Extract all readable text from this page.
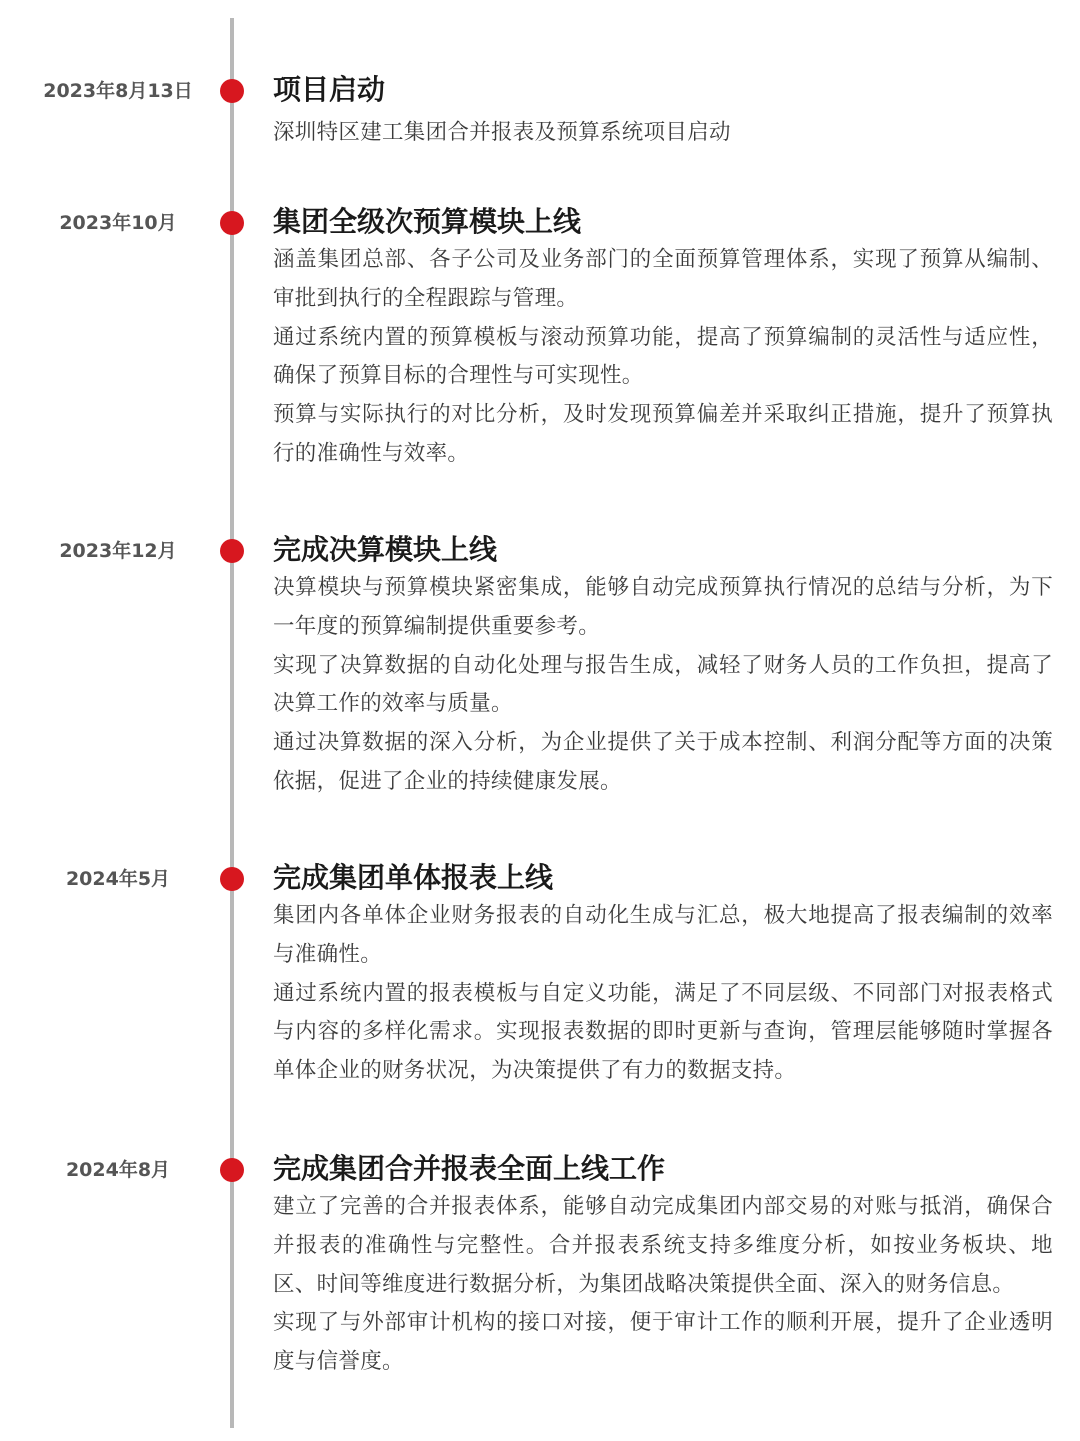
2023年8月13日	项目启动

深圳特区建工集团合并报表及预算系统项目启动

2023年10月	集团全级次预算模块上线

涵盖集团总部、各子公司及业务部门的全面预算管理体系，实现了预算从编制、审批到执行的全程跟踪与管理。

通过系统内置的预算模板与滚动预算功能，提高了预算编制的灵活性与适应性，确保了预算目标的合理性与可实现性。

预算与实际执行的对比分析，及时发现预算偏差并采取纠正措施，提升了预算执行的准确性与效率。

2023年12月	完成决算模块上线

决算模块与预算模块紧密集成，能够自动完成预算执行情况的总结与分析，为下一年度的预算编制提供重要参考。

实现了决算数据的自动化处理与报告生成，减轻了财务人员的工作负担，提高了决算工作的效率与质量。

通过决算数据的深入分析，为企业提供了关于成本控制、利润分配等方面的决策依据，促进了企业的持续健康发展。

2024年5月	完成集团单体报表上线

集团内各单体企业财务报表的自动化生成与汇总，极大地提高了报表编制的效率与准确性。

通过系统内置的报表模板与自定义功能，满足了不同层级、不同部门对报表格式与内容的多样化需求。实现报表数据的即时更新与查询，管理层能够随时掌握各单体企业的财务状况，为决策提供了有力的数据支持。

2024年8月	完成集团合并报表全面上线工作

建立了完善的合并报表体系，能够自动完成集团内部交易的对账与抵消，确保合并报表的准确性与完整性。合并报表系统支持多维度分析，如按业务板块、地区、时间等维度进行数据分析，为集团战略决策提供全面、深入的财务信息。

实现了与外部审计机构的接口对接，便于审计工作的顺利开展，提升了企业透明度与信誉度。
